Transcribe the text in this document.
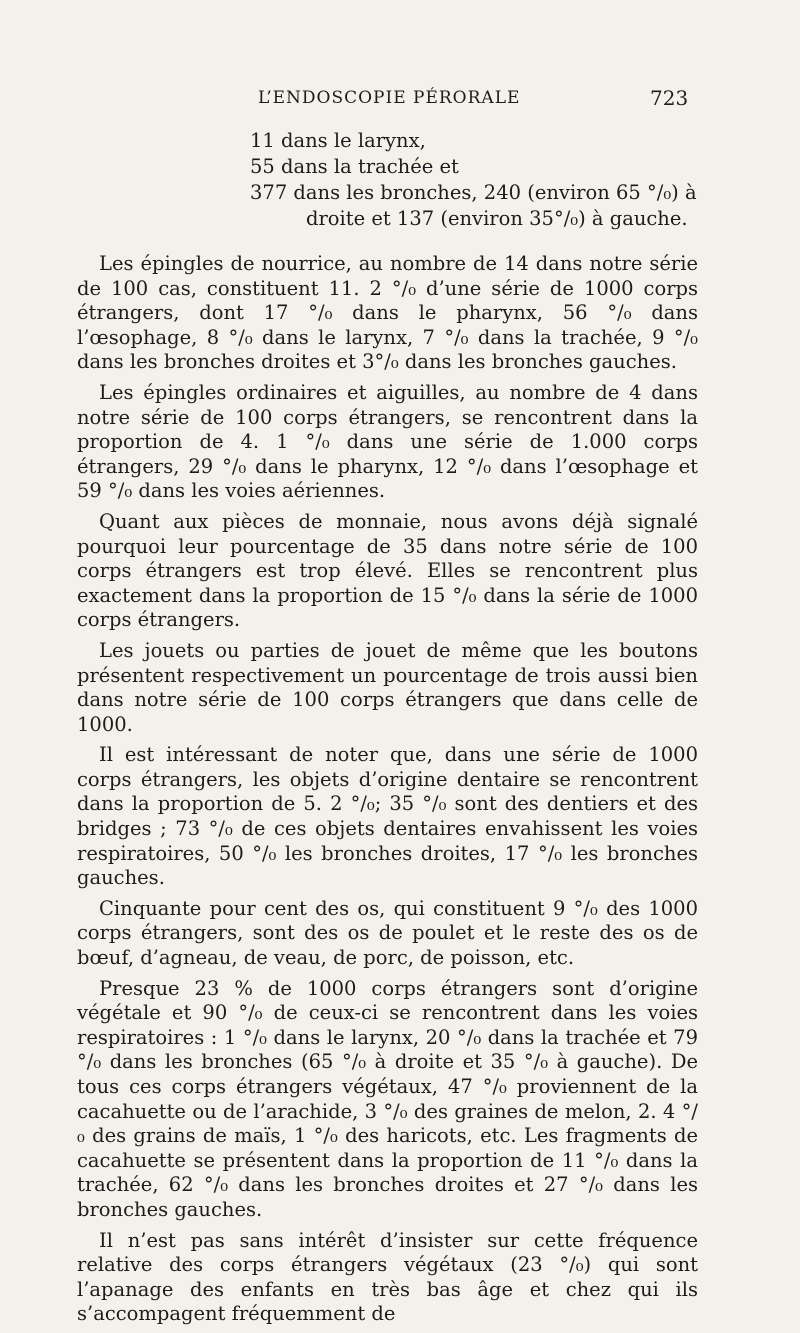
L’ENDOSCOPIE PÉRORALE	723
11 dans le larynx,
55 dans la trachée et
377 dans les bronches, 240 (environ 65 °/₀) à
droite et 137 (environ 35°/₀) à gauche.

Les épingles de nourrice, au nombre de 14 dans notre série de 100 cas, constituent 11. 2 °/₀ d’une série de 1000 corps étrangers, dont 17 °/₀ dans le pharynx, 56 °/₀ dans l’œsophage, 8 °/₀ dans le larynx, 7 °/₀ dans la trachée, 9 °/₀ dans les bronches droites et 3°/₀ dans les bronches gauches.

Les épingles ordinaires et aiguilles, au nombre de 4 dans notre série de 100 corps étrangers, se rencontrent dans la proportion de 4. 1 °/₀ dans une série de 1.000 corps étrangers, 29 °/₀ dans le pharynx, 12 °/₀ dans l’œsophage et 59 °/₀ dans les voies aériennes.

Quant aux pièces de monnaie, nous avons déjà signalé pourquoi leur pourcentage de 35 dans notre série de 100 corps étrangers est trop élevé. Elles se rencontrent plus exactement dans la proportion de 15 °/₀ dans la série de 1000 corps étrangers.

Les jouets ou parties de jouet de même que les boutons présentent respectivement un pourcentage de trois aussi bien dans notre série de 100 corps étrangers que dans celle de 1000.

Il est intéressant de noter que, dans une série de 1000 corps étrangers, les objets d’origine dentaire se rencontrent dans la proportion de 5. 2 °/₀; 35 °/₀ sont des dentiers et des bridges ; 73 °/₀ de ces objets dentaires envahissent les voies respiratoires, 50 °/₀ les bronches droites, 17 °/₀ les bronches gauches.

Cinquante pour cent des os, qui constituent 9 °/₀ des 1000 corps étrangers, sont des os de poulet et le reste des os de bœuf, d’agneau, de veau, de porc, de poisson, etc.

Presque 23 % de 1000 corps étrangers sont d’origine végétale et 90 °/₀ de ceux-ci se rencontrent dans les voies respiratoires : 1 °/₀ dans le larynx, 20 °/₀ dans la trachée et 79 °/₀ dans les bronches (65 °/₀ à droite et 35 °/₀ à gauche). De tous ces corps étrangers végétaux, 47 °/₀ proviennent de la cacahuette ou de l’arachide, 3 °/₀ des graines de melon, 2. 4 °/₀ des grains de maïs, 1 °/₀ des haricots, etc. Les fragments de cacahuette se présentent dans la proportion de 11 °/₀ dans la trachée, 62 °/₀ dans les bronches droites et 27 °/₀ dans les bronches gauches.

Il n’est pas sans intérêt d’insister sur cette fréquence relative des corps étrangers végétaux (23 °/₀) qui sont l’apanage des enfants en très bas âge et chez qui ils s’accompagent fréquemment de
